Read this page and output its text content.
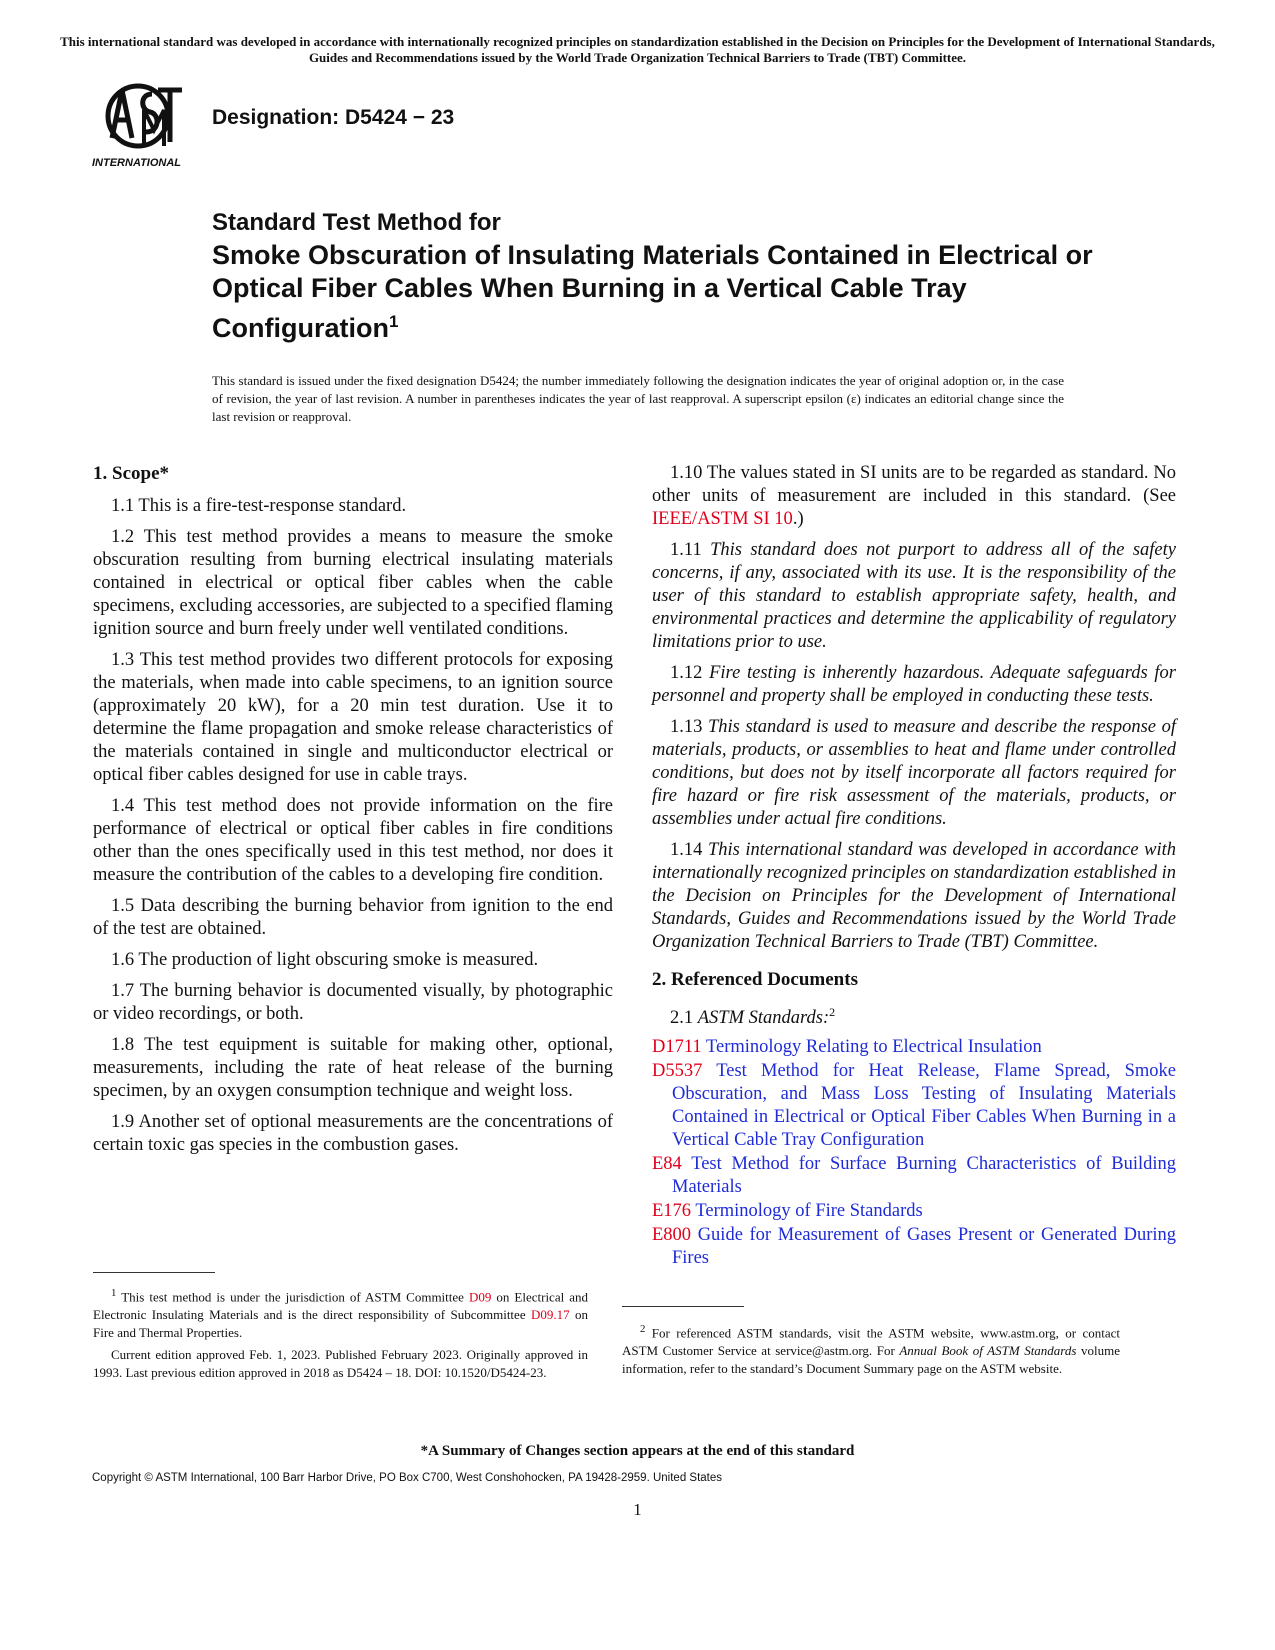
This international standard was developed in accordance with internationally recognized principles on standardization established in the Decision on Principles for the Development of International Standards, Guides and Recommendations issued by the World Trade Organization Technical Barriers to Trade (TBT) Committee.
INTERNATIONAL
Designation: D5424 − 23
Standard Test Method for
Smoke Obscuration of Insulating Materials Contained in Electrical or Optical Fiber Cables When Burning in a Vertical Cable Tray Configuration$^1$
This standard is issued under the fixed designation D5424; the number immediately following the designation indicates the year of original adoption or, in the case of revision, the year of last revision. A number in parentheses indicates the year of last reapproval. A superscript epsilon (ε) indicates an editorial change since the last revision or reapproval.
1. Scope*

1.1 This is a fire-test-response standard.

1.2 This test method provides a means to measure the smoke obscuration resulting from burning electrical insulating materials contained in electrical or optical fiber cables when the cable specimens, excluding accessories, are subjected to a specified flaming ignition source and burn freely under well ventilated conditions.

1.3 This test method provides two different protocols for exposing the materials, when made into cable specimens, to an ignition source (approximately 20 kW), for a 20 min test duration. Use it to determine the flame propagation and smoke release characteristics of the materials contained in single and multiconductor electrical or optical fiber cables designed for use in cable trays.

1.4 This test method does not provide information on the fire performance of electrical or optical fiber cables in fire conditions other than the ones specifically used in this test method, nor does it measure the contribution of the cables to a developing fire condition.

1.5 Data describing the burning behavior from ignition to the end of the test are obtained.

1.6 The production of light obscuring smoke is measured.

1.7 The burning behavior is documented visually, by photographic or video recordings, or both.

1.8 The test equipment is suitable for making other, optional, measurements, including the rate of heat release of the burning specimen, by an oxygen consumption technique and weight loss.

1.9 Another set of optional measurements are the concentrations of certain toxic gas species in the combustion gases.

1.10 The values stated in SI units are to be regarded as standard. No other units of measurement are included in this standard. (See IEEE/ASTM SI 10.)

1.11 This standard does not purport to address all of the safety concerns, if any, associated with its use. It is the responsibility of the user of this standard to establish appropriate safety, health, and environmental practices and determine the applicability of regulatory limitations prior to use.

1.12 Fire testing is inherently hazardous. Adequate safeguards for personnel and property shall be employed in conducting these tests.

1.13 This standard is used to measure and describe the response of materials, products, or assemblies to heat and flame under controlled conditions, but does not by itself incorporate all factors required for fire hazard or fire risk assessment of the materials, products, or assemblies under actual fire conditions.

1.14 This international standard was developed in accordance with internationally recognized principles on standardization established in the Decision on Principles for the Development of International Standards, Guides and Recommendations issued by the World Trade Organization Technical Barriers to Trade (TBT) Committee.

2. Referenced Documents
2.1 ASTM Standards:$^2$
D1711 Terminology Relating to Electrical Insulation
D5537 Test Method for Heat Release, Flame Spread, Smoke Obscuration, and Mass Loss Testing of Insulating Materials Contained in Electrical or Optical Fiber Cables When Burning in a Vertical Cable Tray Configuration
E84 Test Method for Surface Burning Characteristics of Building Materials
E176 Terminology of Fire Standards
E800 Guide for Measurement of Gases Present or Generated During Fires

$^1$ This test method is under the jurisdiction of ASTM Committee D09 on Electrical and Electronic Insulating Materials and is the direct responsibility of Subcommittee D09.17 on Fire and Thermal Properties.

Current edition approved Feb. 1, 2023. Published February 2023. Originally approved in 1993. Last previous edition approved in 2018 as D5424 – 18. DOI: 10.1520/D5424-23.

$^2$ For referenced ASTM standards, visit the ASTM website, www.astm.org, or contact ASTM Customer Service at service@astm.org. For Annual Book of ASTM Standards volume information, refer to the standard’s Document Summary page on the ASTM website.

*A Summary of Changes section appears at the end of this standard
Copyright © ASTM International, 100 Barr Harbor Drive, PO Box C700, West Conshohocken, PA 19428-2959. United States
1
